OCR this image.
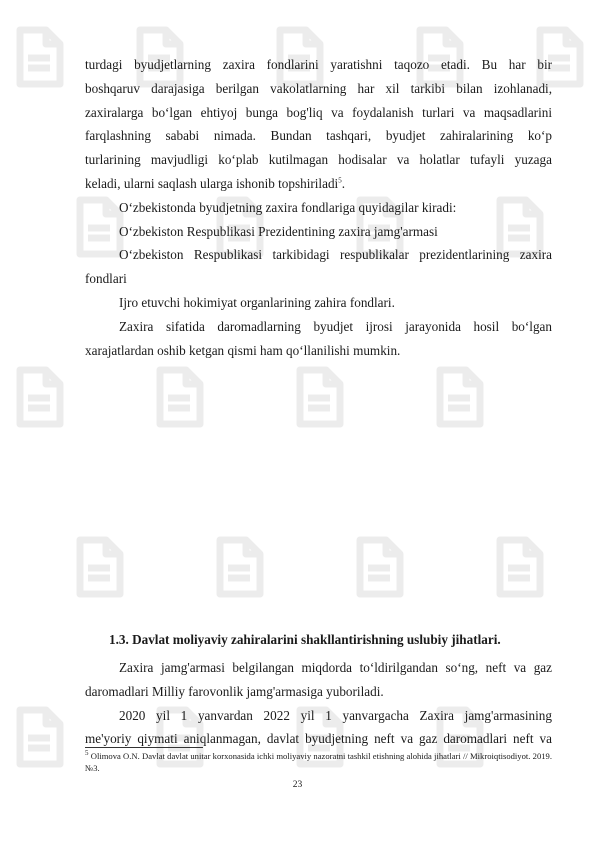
turdagi byudjetlarning zaxira fondlarini yaratishni taqozo etadi. Bu har bir

boshqaruv darajasiga berilgan vakolatlarning har xil tarkibi bilan izohlanadi,

zaxiralarga bo‘lgan ehtiyoj bunga bog'liq va foydalanish turlari va maqsadlarini

farqlashning sababi nimada. Bundan tashqari, byudjet zahiralarining ko‘p

turlarining mavjudligi ko‘plab kutilmagan hodisalar va holatlar tufayli yuzaga

keladi, ularni saqlash ularga ishonib topshiriladi$^5$.

O‘zbekistonda byudjetning zaxira fondlariga quyidagilar kiradi:

O‘zbekiston Respublikasi Prezidentining zaxira jamg'armasi

O‘zbekiston Respublikasi tarkibidagi respublikalar prezidentlarining zaxira

fondlari

Ijro etuvchi hokimiyat organlarining zahira fondlari.

Zaxira sifatida daromadlarning byudjet ijrosi jarayonida hosil bo‘lgan

xarajatlardan oshib ketgan qismi ham qo‘llanilishi mumkin.

1.3. Davlat moliyaviy zahiralarini shakllantirishning uslubiy jihatlari.

Zaxira jamg'armasi belgilangan miqdorda to‘ldirilgandan so‘ng, neft va gaz

daromadlari Milliy farovonlik jamg'armasiga yuboriladi.

2020 yil 1 yanvardan 2022 yil 1 yanvargacha Zaxira jamg'armasining

me'yoriy qiymati aniqlanmagan, davlat byudjetning neft va gaz daromadlari neft va

$^5$ Olimova O.N. Davlat davlat unitar korxonasida ichki moliyaviy nazoratni tashkil etishning alohida jihatlari // Mikroiqtisodiyot. 2019. №3.
23
